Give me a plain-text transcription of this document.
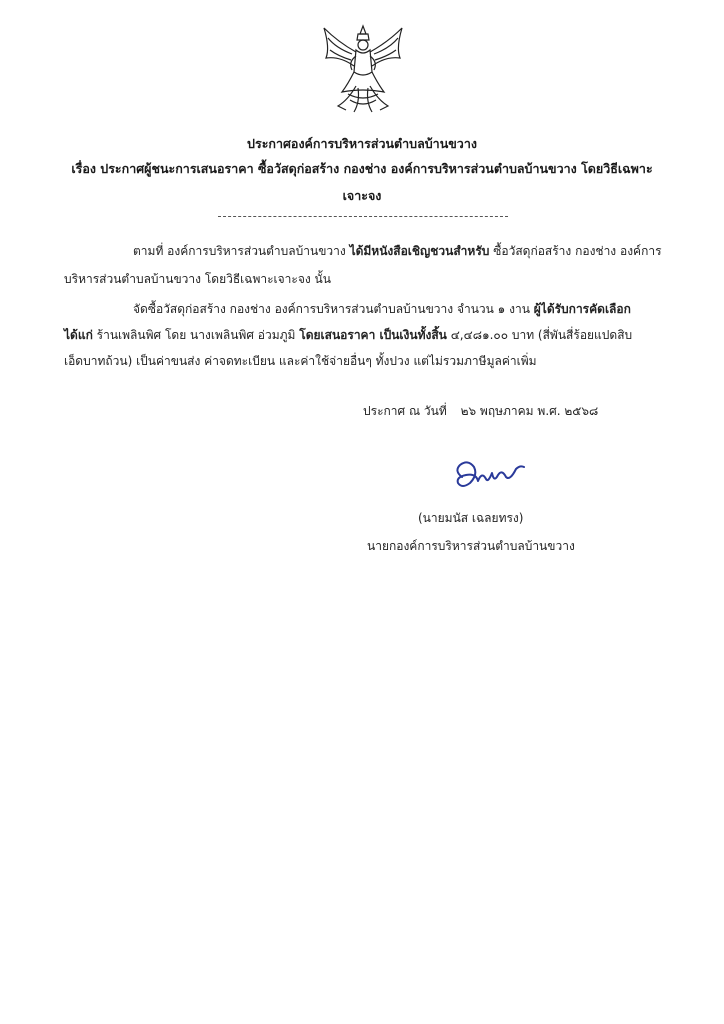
ประกาศองค์การบริหารส่วนตำบลบ้านขวาง
เรื่อง ประกาศผู้ชนะการเสนอราคา ซื้อวัสดุก่อสร้าง กองช่าง องค์การบริหารส่วนตำบลบ้านขวาง โดยวิธีเฉพาะ
เจาะจง
ตามที่ องค์การบริหารส่วนตำบลบ้านขวาง ได้มีหนังสือเชิญชวนสำหรับ ซื้อวัสดุก่อสร้าง กองช่าง องค์การ
บริหารส่วนตำบลบ้านขวาง โดยวิธีเฉพาะเจาะจง นั้น
จัดซื้อวัสดุก่อสร้าง กองช่าง องค์การบริหารส่วนตำบลบ้านขวาง จำนวน ๑ งาน ผู้ได้รับการคัดเลือก
ได้แก่ ร้านเพลินพิศ โดย นางเพลินพิศ อ่วมภูมิ โดยเสนอราคา เป็นเงินทั้งสิ้น ๔,๔๘๑.๐๐ บาท (สี่พันสี่ร้อยแปดสิบ
เอ็ดบาทถ้วน) เป็นค่าขนส่ง ค่าจดทะเบียน และค่าใช้จ่ายอื่นๆ ทั้งปวง แต่ไม่รวมภาษีมูลค่าเพิ่ม
ประกาศ ณ วันที่ ๒๖ พฤษภาคม พ.ศ. ๒๕๖๘
(นายมนัส เฉลยทรง)
นายกองค์การบริหารส่วนตำบลบ้านขวาง
